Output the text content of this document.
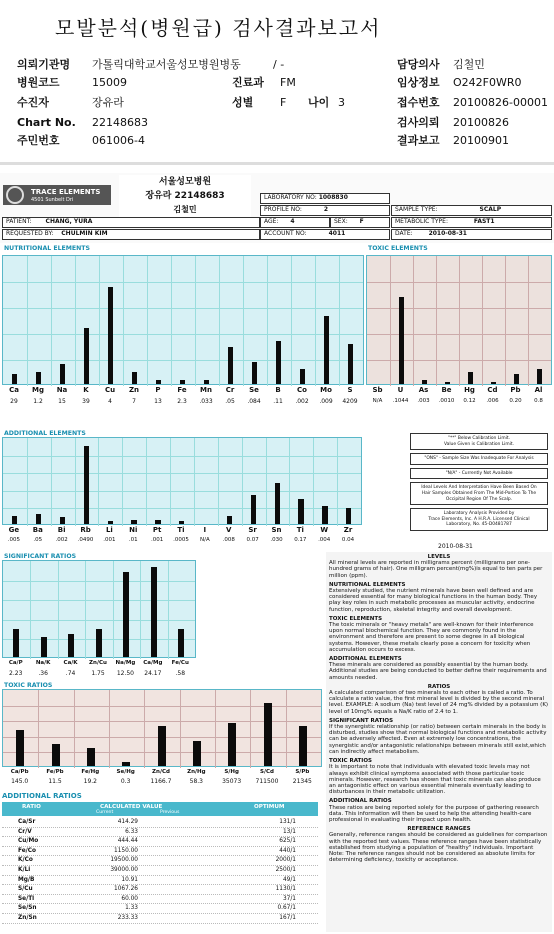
모발분석(병원급) 검사결과보고서
의뢰기관명	가톨릭대학교서울성모병원병동	/ -	담당의사	김철민
병원코드	15009	진료과	FM	임상정보	O242F0WR0
수진자	장유라	성별	F	나이 3	접수번호	20100826-00001
Chart No.	22148683	검사의뢰	20100826
주민번호	061006-4	결과보고	20100901
TRACE ELEMENTS
4501 Sunbelt Dri
서울성모병원
장유라 22148683
김철민
LABORATORY NO: 1008830
PROFILE NO:	2	SAMPLE TYPE:	SCALP
PATIENT: CHANG, YURA	AGE: 4	SEX: F	METABOLIC TYPE:	FAST1
REQUESTED BY: CHULMIN KIM	ACCOUNT NO:	4011	DATE:	2010-08-31
NUTRITIONAL ELEMENTS
Ca
29
Mg
1.2
Na
15
K
39
Cu
4
Zn
7
P
13
Fe
2.3
Mn
.033
Cr
.05
Se
.084
B
.11
Co
.002
Mo
.009
S
4209
TOXIC ELEMENTS
Sb
N/A
U
.1044
As
.003
Be
.0010
Hg
0.12
Cd
.006
Pb
0.20
Al
0.8
ADDITIONAL ELEMENTS
Ge
.005
Ba
.05
Bi
.002
Rb
.0490
Li
.001
Ni
.01
Pt
.001
Ti
.0005
I
N/A
V
.008
Sr
0.07
Sn
.030
Ti
0.17
W
.004
Zr
0.04
SIGNIFICANT RATIOS
Ca/P
2.23
Na/K
.36
Ca/K
.74
Zn/Cu
1.75
Na/Mg
12.50
Ca/Mg
24.17
Fe/Cu
.58
TOXIC RATIOS
Ca/Pb
145.0
Fe/Pb
11.5
Fe/Hg
19.2
Se/Hg
0.3
Zn/Cd
1166.7
Zn/Hg
58.3
S/Hg
35073
S/Cd
711500
S/Pb
21345
"**" Below Calibration Limit.
Value Given is Calibration Limit.
"ONS" - Sample Size Was Inadequate For Analysis
"N/A" - Currently Not Available
Ideal Levels And Interpretation Have Been Based On
Hair Samples Obtained From The Mid-Portion To The
Occipital Region Of The Scalp.
Laboratory Analysis Provided by
Trace Elements, Inc. A H.R.A. Licensed Clinical
Laboratory, No. 45-D0481787
2010-08-31
ADDITIONAL RATIOS
RATIO	CALCULATED VALUE
Current	Previous
OPTIMUM
Ca/Sr	414.29	131/1
Cr/V	6.33	13/1
Cu/Mo	444.44	625/1
Fe/Co	1150.00	440/1
K/Co	19500.00	2000/1
K/Li	39000.00	2500/1
Mg/B	10.91	49/1
S/Cu	1067.26	1130/1
Se/Tl	60.00	37/1
Se/Sn	1.33	0.67/1
Zn/Sn	233.33	167/1
LEVELS
All mineral levels are reported in milligrams percent (milligrams per one-hundred grams of hair). One milligram percent(mg%)is equal to ten parts per million (ppm).
NUTRITIONAL ELEMENTS
Extensively studied, the nutrient minerals have been well defined and are considered essential for many biological functions in the human body. They play key roles in such metabolic processes as muscular activity, endocrine function, reproduction, skeletal integrity and overall development.
TOXIC ELEMENTS
The toxic minerals or "heavy metals" are well-known for their interference upon normal biochemical function. They are commonly found in the environment and therefore are present to some degree in all biological systems. However, these metals clearly pose a concern for toxicity when accumulation occurs to excess.
ADDITIONAL ELEMENTS
These minerals are considered as possibly essential by the human body. Additional studies are being conducted to better define their requirements and amounts needed.
RATIOS
A calculated comparison of two minerals to each other is called a ratio. To calculate a ratio value, the first mineral level is divided by the second mineral level. EXAMPLE: A sodium (Na) test level of 24 mg% divided by a potassium (K) level of 10mg% equals a Na/K ratio of 2.4 to 1.
SIGNIFICANT RATIOS
If the synergistic relationship (or ratio) between certain minerals in the body is disturbed, studies show that normal biological functions and metabolic activity can be adversely affected. Even at extremely low concentrations, the synergistic and/or antagonistic relationships between minerals still exist,which can indirectly affect metabolism.
TOXIC RATIOS
It is important to note that individuals with elevated toxic levels may not always exhibit clinical symptoms associated with those particular toxic minerals. However, research has shown that toxic minerals can also produce an antagonistic effect on various essential minerals eventually leading to disturbances in their metabolic utilization.
ADDITIONAL RATIOS
These ratios are being reported solely for the purpose of gathering research data. This information will then be used to help the attending health-care professional in evaluating their impact upon health.
REFERENCE RANGES
Generally, reference ranges should be considered as guidelines for comparison with the reported test values. These reference ranges have been statistically established from studying a population of "healthy" individuals. Important Note: The reference ranges should not be considered as absolute limits for determining deficiency, toxicity or acceptance.
